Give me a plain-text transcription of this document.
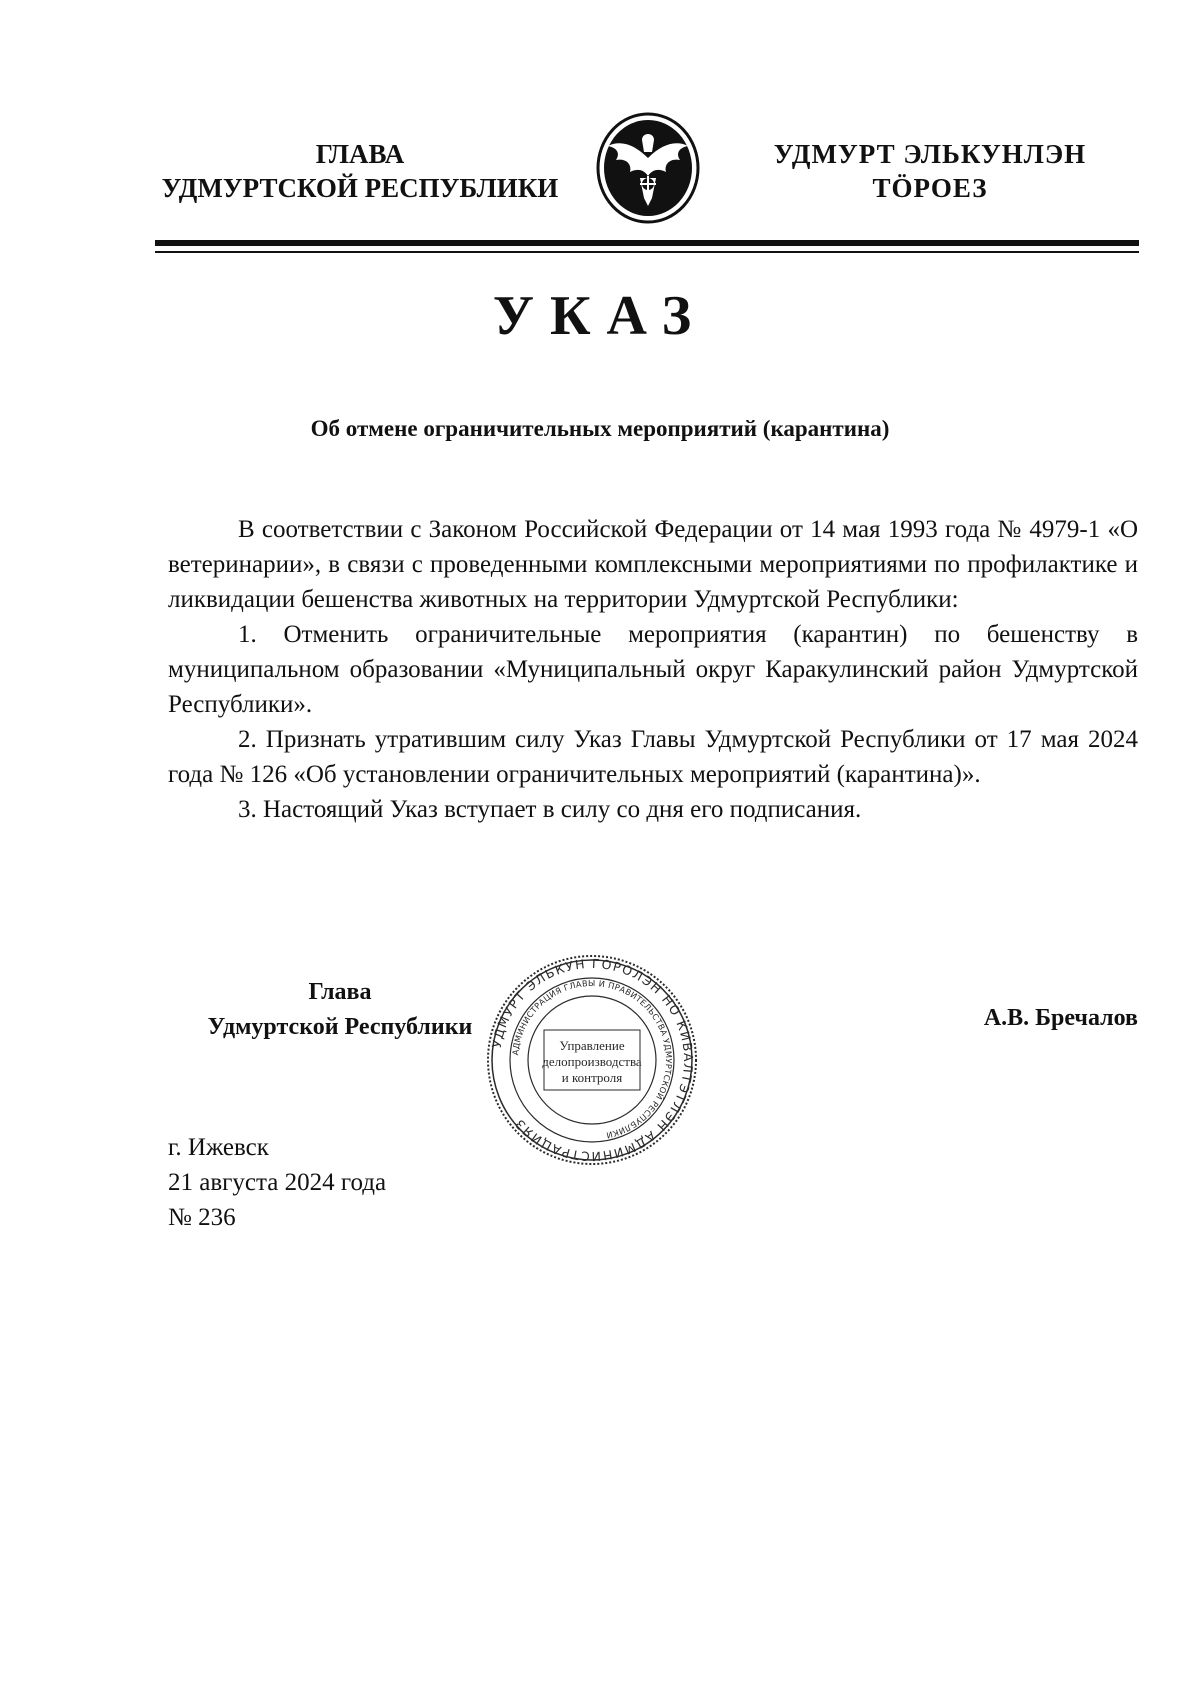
ГЛАВА
УДМУРТСКОЙ РЕСПУБЛИКИ
УДМУРТ ЭЛЬКУНЛЭН
ТӦРОЕЗ
УКАЗ
Об отмене ограничительных мероприятий (карантина)

В соответствии с Законом Российской Федерации от 14 мая 1993 года № 4979-1 «О ветеринарии», в связи с проведенными комплексными мероприятиями по профилактике и ликвидации бешенства животных на территории Удмуртской Республики:

1. Отменить ограничительные мероприятия (карантин) по бешенству в муниципальном образовании «Муниципальный округ Каракулинский район Удмуртской Республики».

2. Признать утратившим силу Указ Главы Удмуртской Республики от 17 мая 2024 года № 126 «Об установлении ограничительных мероприятий (карантина)».

3. Настоящий Указ вступает в силу со дня его подписания.

Глава
Удмуртской Республики
УДМУРТ ЭЛЬКУН ГОРОЛЭН НО КИВАЛТЭТЛЭН АДМИНИСТРАЦИЯЗ
АДМИНИСТРАЦИЯ ГЛАВЫ И ПРАВИТЕЛЬСТВА УДМУРТСКОЙ РЕСПУБЛИКИ
Управление
делопроизводства
и контроля
А.В. Бречалов
г. Ижевск
21 августа 2024 года
№ 236
